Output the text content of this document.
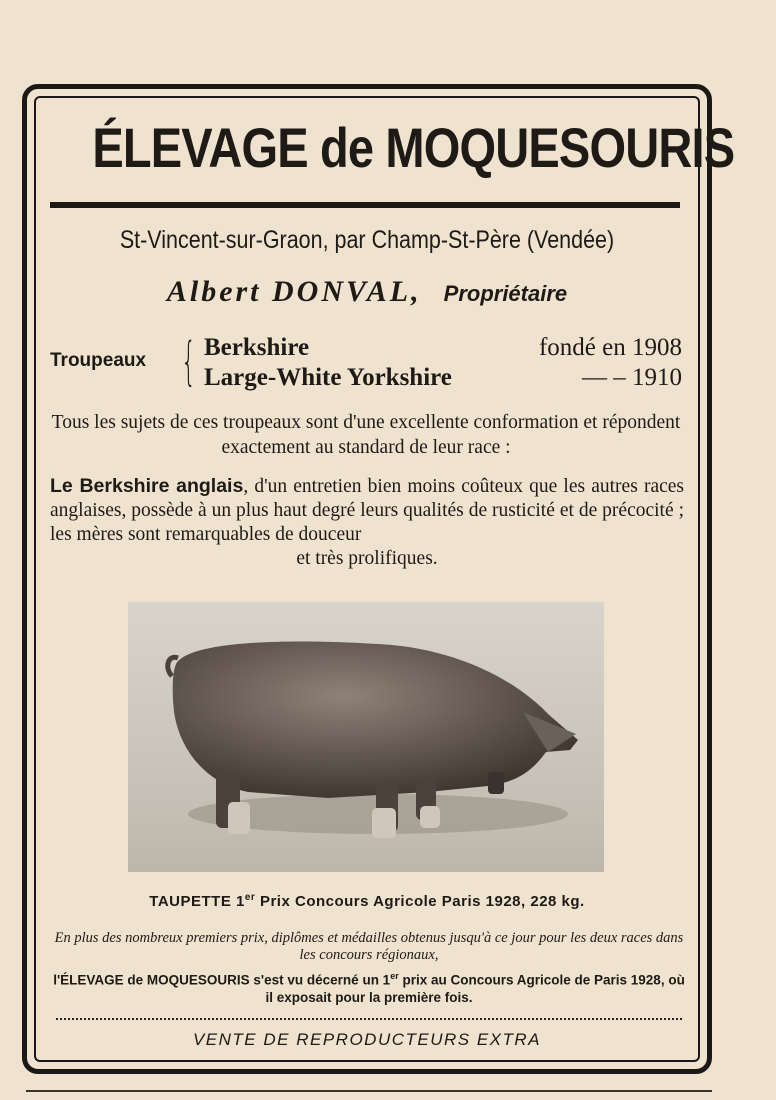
ÉLEVAGE de MOQUESOURIS
St-Vincent-sur-Graon, par Champ-St-Père (Vendée)
Albert DONVAL, Propriétaire
Troupeaux { Berkshire
Large-White Yorkshire
fondé en 1908
— – 1910
Tous les sujets de ces troupeaux sont d'une excellente conformation et répondent exactement au standard de leur race :
Le Berkshire anglais, d'un entretien bien moins coûteux que les autres races anglaises, possède à un plus haut degré leurs qualités de rusticité et de précocité ; les mères sont remarquables de douceur
et très prolifiques.
TAUPETTE 1er Prix Concours Agricole Paris 1928, 228 kg.
En plus des nombreux premiers prix, diplômes et médailles obtenus jusqu'à ce jour pour les deux races dans les concours régionaux,
l'ÉLEVAGE de MOQUESOURIS s'est vu décerné un 1er prix au Concours Agricole de Paris 1928, où il exposait pour la première fois.
VENTE DE REPRODUCTEURS EXTRA
